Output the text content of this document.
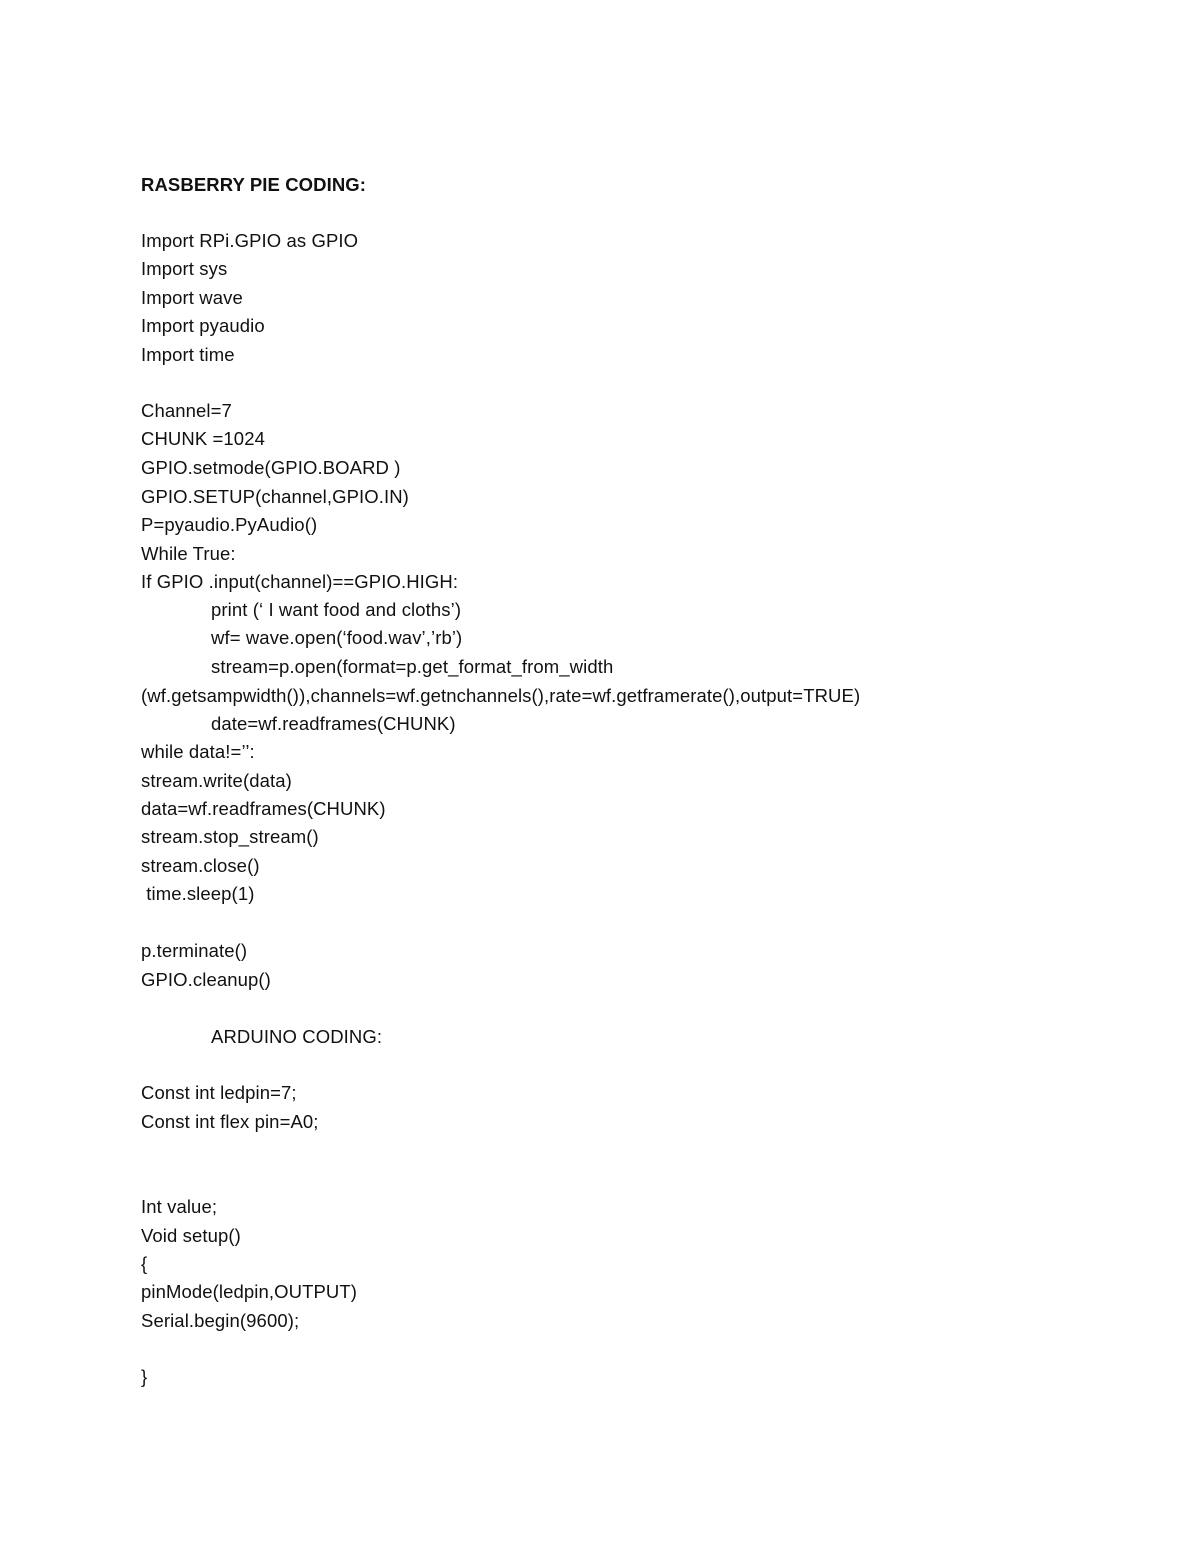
RASBERRY PIE CODING:
Import RPi.GPIO as GPIO
Import sys
Import wave
Import pyaudio
Import time
Channel=7
CHUNK =1024
GPIO.setmode(GPIO.BOARD )
GPIO.SETUP(channel,GPIO.IN)
P=pyaudio.PyAudio()
While True:
If GPIO .input(channel)==GPIO.HIGH:
print (‘ I want food and cloths’)
wf= wave.open(‘food.wav’,’rb’)
stream=p.open(format=p.get_format_from_width
(wf.getsampwidth()),channels=wf.getnchannels(),rate=wf.getframerate(),output=TRUE)
date=wf.readframes(CHUNK)
while data!=’’:
stream.write(data)
data=wf.readframes(CHUNK)
stream.stop_stream()
stream.close()
time.sleep(1)
p.terminate()
GPIO.cleanup()
ARDUINO CODING:
Const int ledpin=7;
Const int flex pin=A0;
Int value;
Void setup()
{
pinMode(ledpin,OUTPUT)
Serial.begin(9600);
}
